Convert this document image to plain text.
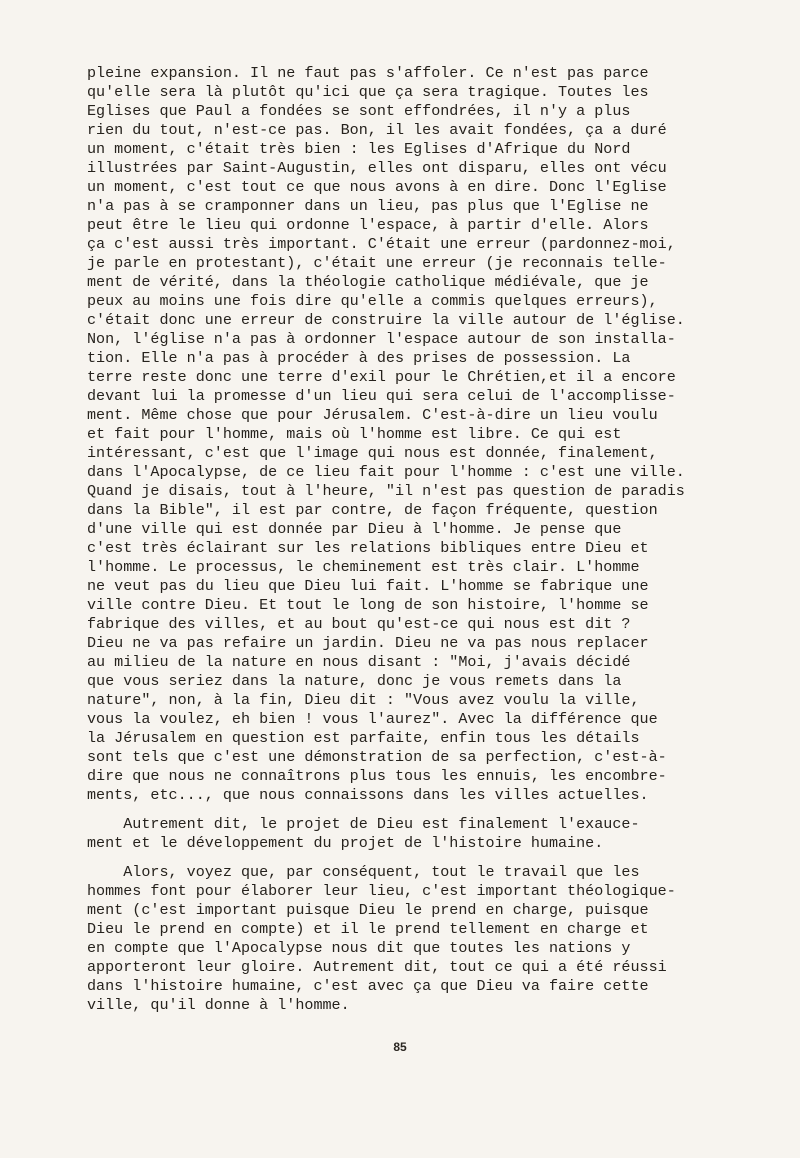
pleine expansion. Il ne faut pas s'affoler. Ce n'est pas parce
qu'elle sera là plutôt qu'ici que ça sera tragique. Toutes les
Eglises que Paul a fondées se sont effondrées, il n'y a plus
rien du tout, n'est-ce pas. Bon, il les avait fondées, ça a duré
un moment, c'était très bien : les Eglises d'Afrique du Nord
illustrées par Saint-Augustin, elles ont disparu, elles ont vécu
un moment, c'est tout ce que nous avons à en dire. Donc l'Eglise
n'a pas à se cramponner dans un lieu, pas plus que l'Eglise ne
peut être le lieu qui ordonne l'espace, à partir d'elle. Alors
ça c'est aussi très important. C'était une erreur (pardonnez-moi,
je parle en protestant), c'était une erreur (je reconnais telle-
ment de vérité, dans la théologie catholique médiévale, que je
peux au moins une fois dire qu'elle a commis quelques erreurs),
c'était donc une erreur de construire la ville autour de l'église.
Non, l'église n'a pas à ordonner l'espace autour de son installa-
tion. Elle n'a pas à procéder à des prises de possession. La
terre reste donc une terre d'exil pour le Chrétien,et il a encore
devant lui la promesse d'un lieu qui sera celui de l'accomplisse-
ment. Même chose que pour Jérusalem. C'est-à-dire un lieu voulu
et fait pour l'homme, mais où l'homme est libre. Ce qui est
intéressant, c'est que l'image qui nous est donnée, finalement,
dans l'Apocalypse, de ce lieu fait pour l'homme : c'est une ville.
Quand je disais, tout à l'heure, "il n'est pas question de paradis
dans la Bible", il est par contre, de façon fréquente, question
d'une ville qui est donnée par Dieu à l'homme. Je pense que
c'est très éclairant sur les relations bibliques entre Dieu et
l'homme. Le processus, le cheminement est très clair. L'homme
ne veut pas du lieu que Dieu lui fait. L'homme se fabrique une
ville contre Dieu. Et tout le long de son histoire, l'homme se
fabrique des villes, et au bout qu'est-ce qui nous est dit ?
Dieu ne va pas refaire un jardin. Dieu ne va pas nous replacer
au milieu de la nature en nous disant : "Moi, j'avais décidé
que vous seriez dans la nature, donc je vous remets dans la
nature", non, à la fin, Dieu dit : "Vous avez voulu la ville,
vous la voulez, eh bien ! vous l'aurez". Avec la différence que
la Jérusalem en question est parfaite, enfin tous les détails
sont tels que c'est une démonstration de sa perfection, c'est-à-
dire que nous ne connaîtrons plus tous les ennuis, les encombre-
ments, etc..., que nous connaissons dans les villes actuelles.
Autrement dit, le projet de Dieu est finalement l'exauce-
ment et le développement du projet de l'histoire humaine.
Alors, voyez que, par conséquent, tout le travail que les
hommes font pour élaborer leur lieu, c'est important théologique-
ment (c'est important puisque Dieu le prend en charge, puisque
Dieu le prend en compte) et il le prend tellement en charge et
en compte que l'Apocalypse nous dit que toutes les nations y
apporteront leur gloire. Autrement dit, tout ce qui a été réussi
dans l'histoire humaine, c'est avec ça que Dieu va faire cette
ville, qu'il donne à l'homme.
85
